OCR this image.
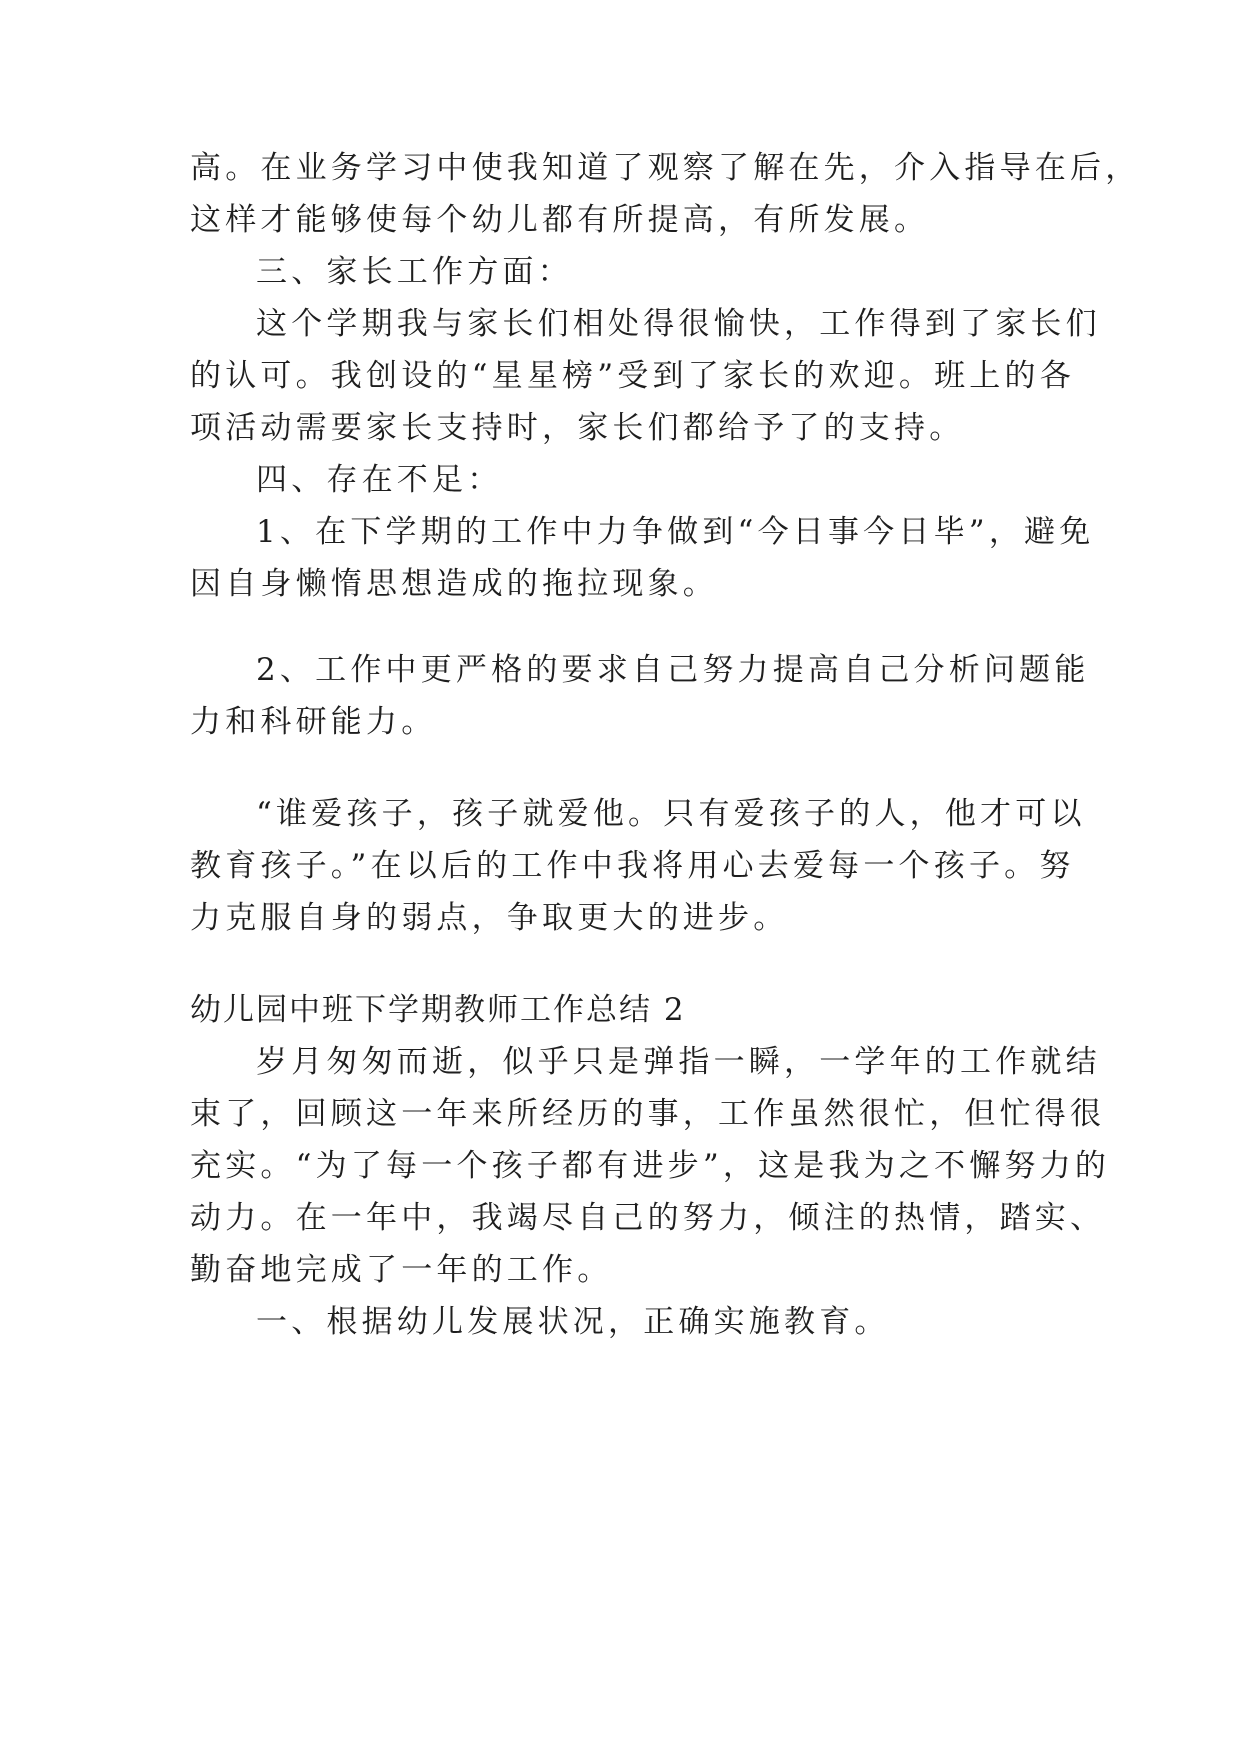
高。在业务学习中使我知道了观察了解在先，介入指导在后，

这样才能够使每个幼儿都有所提高，有所发展。

三、家长工作方面：

这个学期我与家长们相处得很愉快，工作得到了家长们

的认可。我创设的“星星榜”受到了家长的欢迎。班上的各

项活动需要家长支持时，家长们都给予了的支持。

四、存在不足：

1、在下学期的工作中力争做到“今日事今日毕”，避免

因自身懒惰思想造成的拖拉现象。

2、工作中更严格的要求自己努力提高自己分析问题能

力和科研能力。

“谁爱孩子，孩子就爱他。只有爱孩子的人，他才可以

教育孩子。”在以后的工作中我将用心去爱每一个孩子。努

力克服自身的弱点，争取更大的进步。

幼儿园中班下学期教师工作总结 2

岁月匆匆而逝，似乎只是弹指一瞬，一学年的工作就结

束了，回顾这一年来所经历的事，工作虽然很忙，但忙得很

充实。“为了每一个孩子都有进步”，这是我为之不懈努力的

动力。在一年中，我竭尽自己的努力，倾注的热情，踏实、

勤奋地完成了一年的工作。

一、根据幼儿发展状况，正确实施教育。
